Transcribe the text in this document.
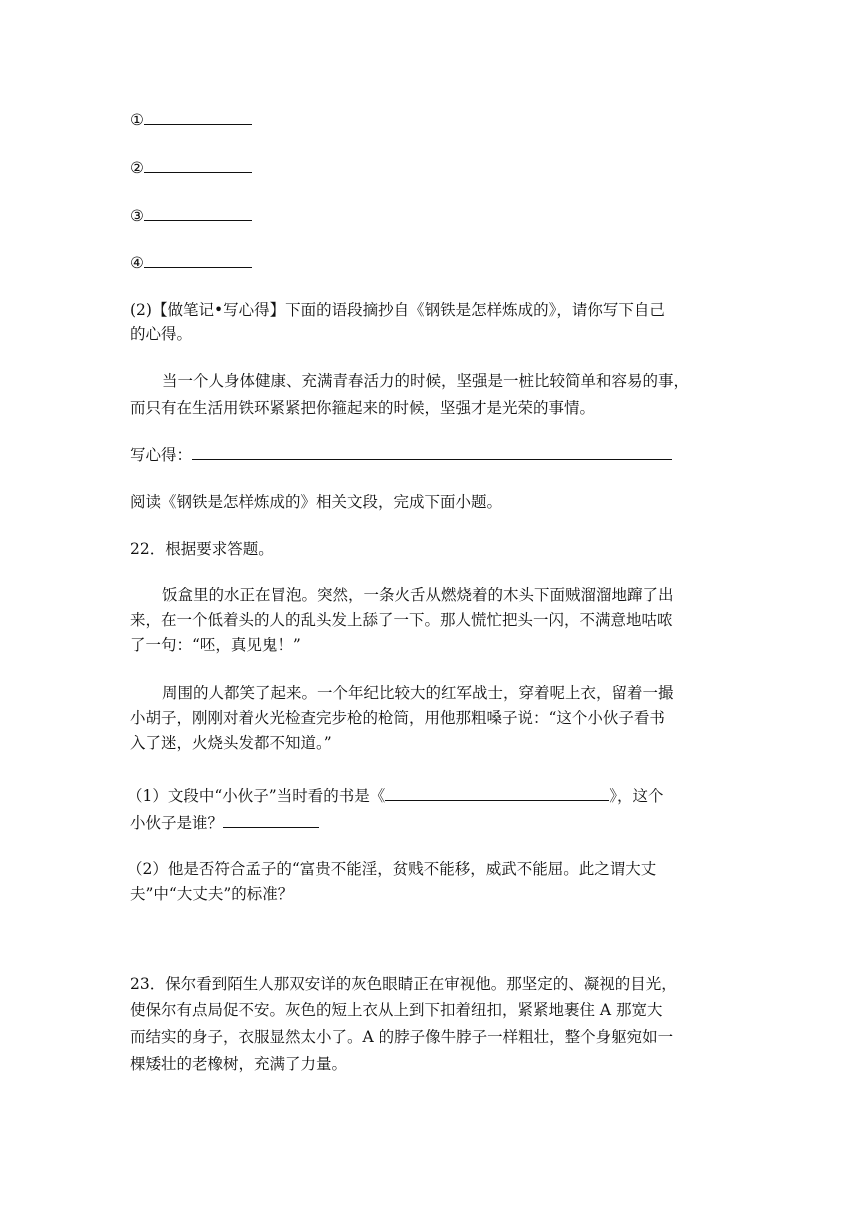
①
②
③
④
(2)【做笔记•写心得】下面的语段摘抄自《钢铁是怎样炼成的》，请你写下自己
的心得。
当一个人身体健康、充满青春活力的时候，坚强是一桩比较简单和容易的事，
而只有在生活用铁环紧紧把你箍起来的时候，坚强才是光荣的事情。
写心得：
阅读《钢铁是怎样炼成的》相关文段，完成下面小题。
22．根据要求答题。
饭盒里的水正在冒泡。突然，一条火舌从燃烧着的木头下面贼溜溜地蹿了出
来，在一个低着头的人的乱头发上舔了一下。那人慌忙把头一闪，不满意地咕哝
了一句：“呸，真见鬼！”
周围的人都笑了起来。一个年纪比较大的红军战士，穿着呢上衣，留着一撮
小胡子，刚刚对着火光检查完步枪的枪筒，用他那粗嗓子说：“这个小伙子看书
入了迷，火烧头发都不知道。”
（1）文段中“小伙子”当时看的书是《	》，这个
小伙子是谁？
（2）他是否符合孟子的“富贵不能淫，贫贱不能移，威武不能屈。此之谓大丈
夫”中“大丈夫”的标准？
23．保尔看到陌生人那双安详的灰色眼睛正在审视他。那坚定的、凝视的目光，
使保尔有点局促不安。灰色的短上衣从上到下扣着纽扣，紧紧地裹住 A 那宽大
而结实的身子，衣服显然太小了。A 的脖子像牛脖子一样粗壮，整个身躯宛如一
棵矮壮的老橡树，充满了力量。
